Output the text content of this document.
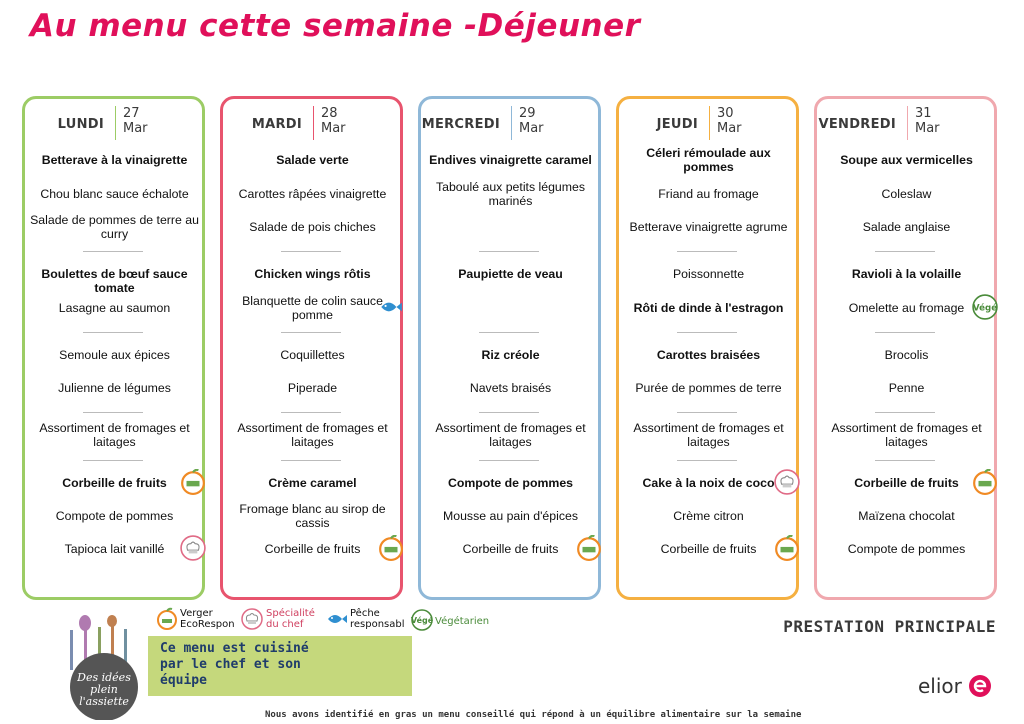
Au menu cette semaine -Déjeuner
LUNDI
27
Mar
Betterave à la vinaigrette
Chou blanc sauce échalote
Salade de pommes de terre au curry
Boulettes de bœuf sauce tomate
Lasagne au saumon
Semoule aux épices
Julienne de légumes
Assortiment de fromages et laitages
Corbeille de fruits
Compote de pommes
Tapioca lait vanillé
MARDI
28
Mar
Salade verte
Carottes râpées vinaigrette
Salade de pois chiches
Chicken wings rôtis
Blanquette de colin sauce pomme
Coquillettes
Piperade
Assortiment de fromages et laitages
Crème caramel
Fromage blanc au sirop de cassis
Corbeille de fruits
MERCREDI
29
Mar
Endives vinaigrette caramel
Taboulé aux petits légumes marinés
Paupiette de veau
Riz créole
Navets braisés
Assortiment de fromages et laitages
Compote de pommes
Mousse au pain d'épices
Corbeille de fruits
JEUDI
30
Mar
Céleri rémoulade aux pommes
Friand au fromage
Betterave vinaigrette agrume
Poissonnette
Rôti de dinde à l'estragon
Carottes braisées
Purée de pommes de terre
Assortiment de fromages et laitages
Cake à la noix de coco
Crème citron
Corbeille de fruits
VENDREDI
31
Mar
Soupe aux vermicelles
Coleslaw
Salade anglaise
Ravioli à la volaille
Omelette au fromage	Végé
Brocolis
Penne
Assortiment de fromages et laitages
Corbeille de fruits
Maïzena chocolat
Compote de pommes
Verger EcoRespon
Spécialité du chef
Pêche responsabl Végé Végétarien
Des idées plein l'assiette
Ce menu est cuisiné par le chef et son équipe
PRESTATION PRINCIPALE
elior
Nous avons identifié en gras un menu conseillé qui répond à un équilibre alimentaire sur la semaine
